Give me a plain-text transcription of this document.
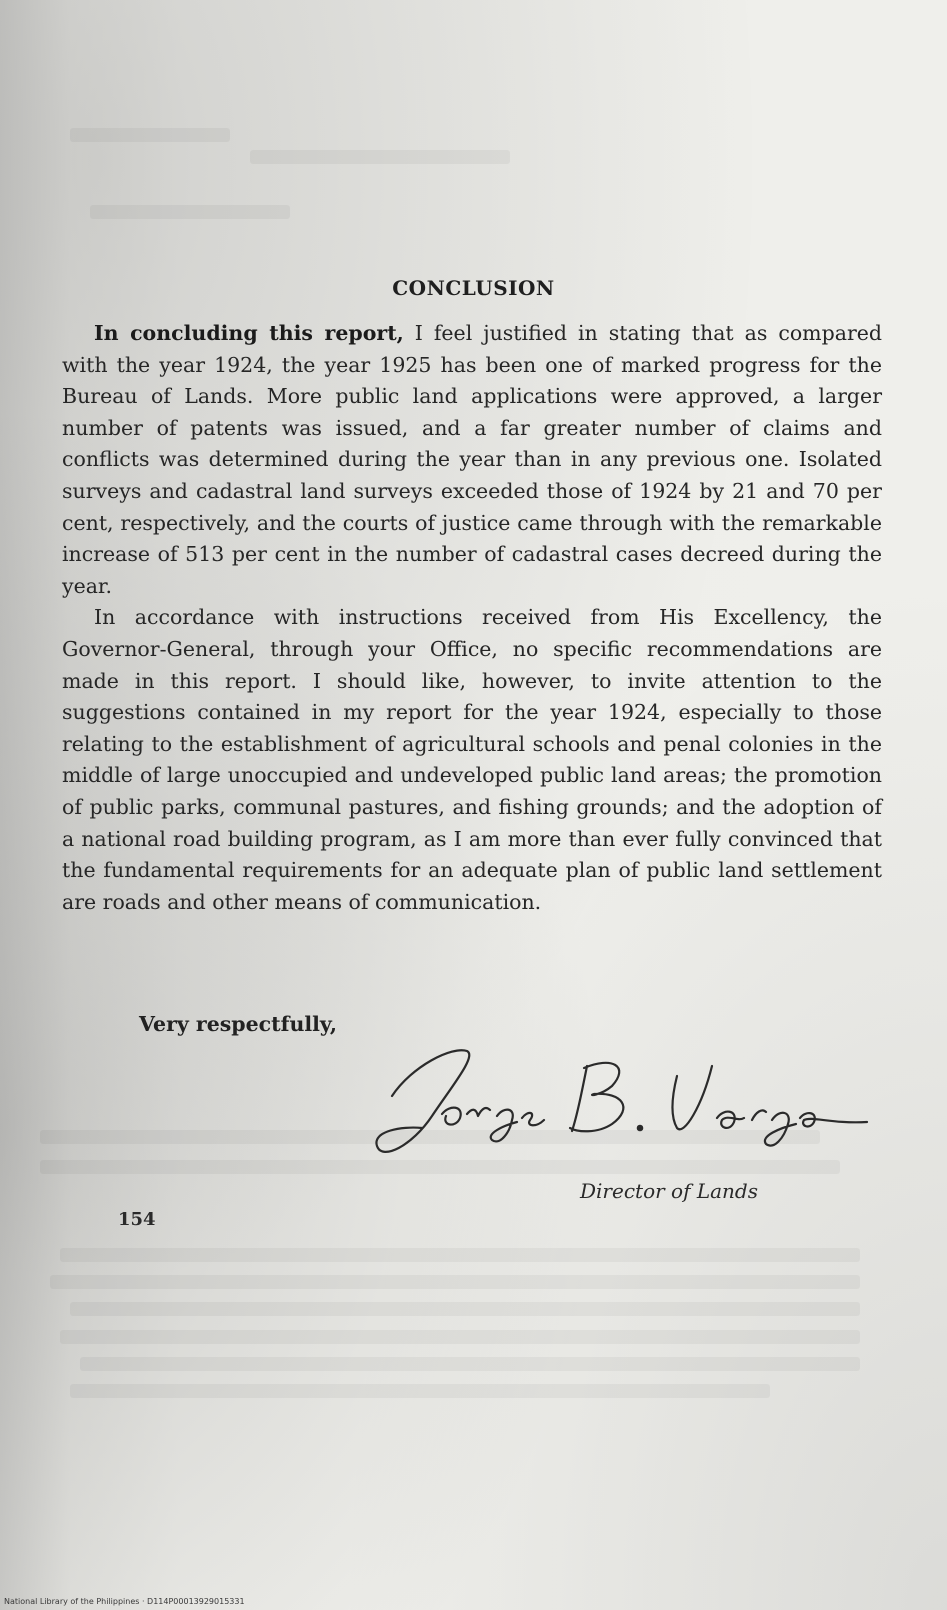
CONCLUSION

In concluding this report, I feel justified in stating that as compared with the year 1924, the year 1925 has been one of marked progress for the Bureau of Lands. More public land applications were approved, a larger number of patents was issued, and a far greater number of claims and conflicts was determined during the year than in any previous one. Isolated surveys and cadastral land surveys exceeded those of 1924 by 21 and 70 per cent, respectively, and the courts of justice came through with the remarkable increase of 513 per cent in the number of cadastral cases decreed during the year.

In accordance with instructions received from His Excellency, the Governor-General, through your Office, no specific recommendations are made in this report. I should like, however, to invite attention to the suggestions contained in my report for the year 1924, especially to those relating to the establishment of agricultural schools and penal colonies in the middle of large unoccupied and undeveloped public land areas; the promotion of public parks, communal pastures, and fishing grounds; and the adoption of a national road building program, as I am more than ever fully convinced that the fundamental requirements for an adequate plan of public land settlement are roads and other means of communication.

Very respectfully,
Director of Lands
154
National Library of the Philippines · D114P00013929015331
